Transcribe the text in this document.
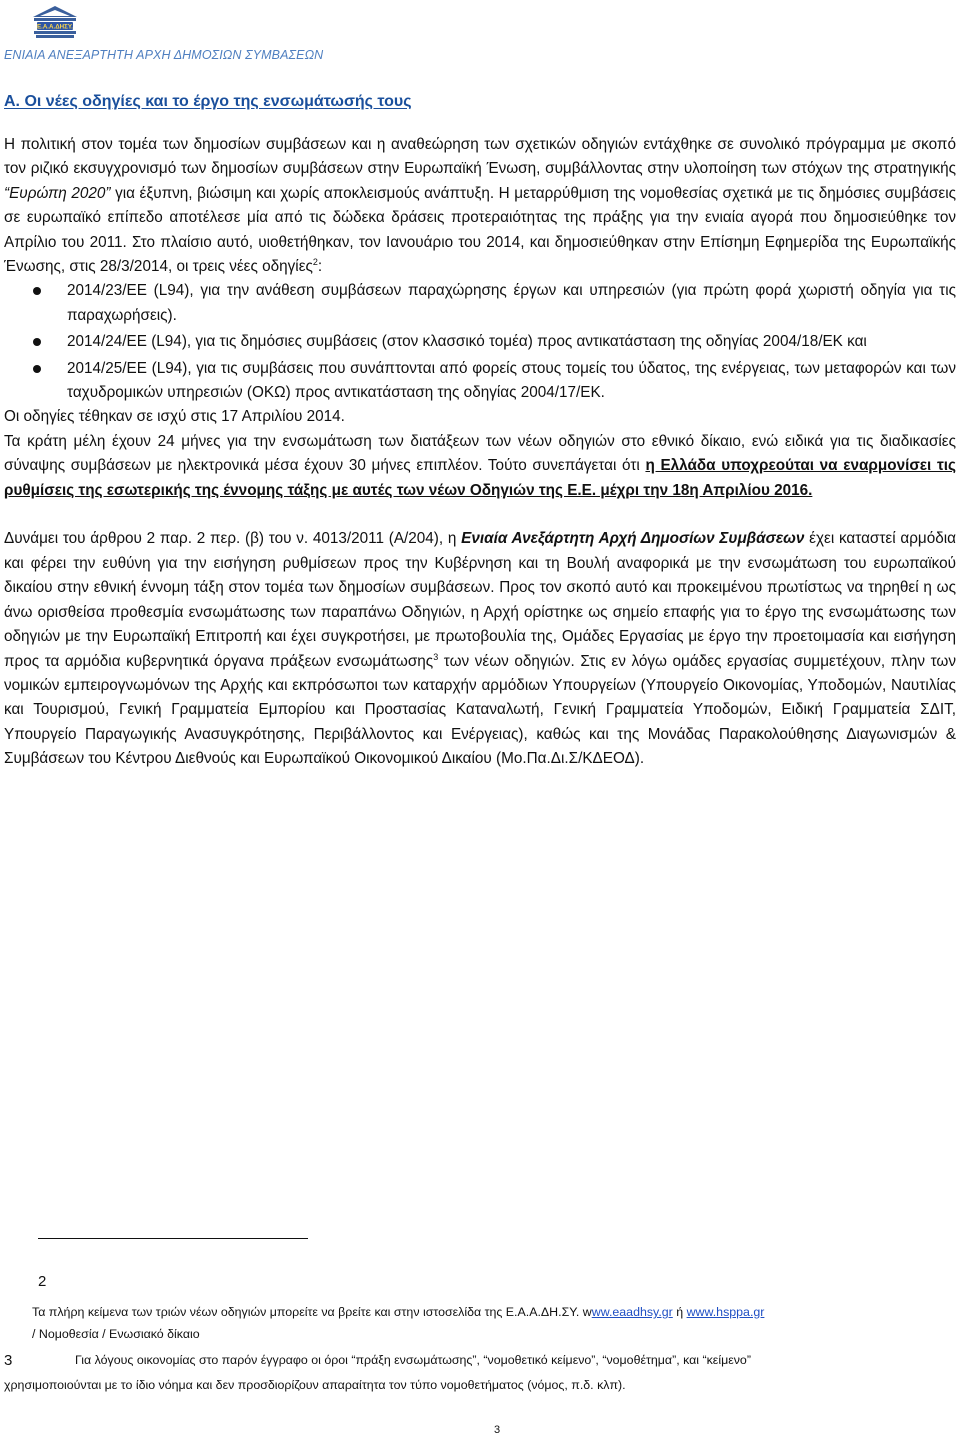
Ε.Α.Α.ΔΗΣΥ.
ΕΝΙΑΙΑ ΑΝΕΞΑΡΤΗΤΗ ΑΡΧΗ ΔΗΜΟΣΙΩΝ ΣΥΜΒΑΣΕΩΝ
Α. Οι νέες οδηγίες και το έργο της ενσωμάτωσής τους

Η πολιτική στον τομέα των δημοσίων συμβάσεων και η αναθεώρηση των σχετικών οδηγιών εντάχθηκε σε συνολικό πρόγραμμα με σκοπό τον ριζικό εκσυγχρονισμό των δημοσίων συμβάσεων στην Ευρωπαϊκή Ένωση, συμβάλλοντας στην υλοποίηση των στόχων της στρατηγικής “Ευρώπη 2020” για έξυπνη, βιώσιμη και χωρίς αποκλεισμούς ανάπτυξη. Η μεταρρύθμιση της νομοθεσίας σχετικά με τις δημόσιες συμβάσεις σε ευρωπαϊκό επίπεδο αποτέλεσε μία από τις δώδεκα δράσεις προτεραιότητας της πράξης για την ενιαία αγορά που δημοσιεύθηκε τον Απρίλιο του 2011. Στο πλαίσιο αυτό, υιοθετήθηκαν, τον Ιανουάριο του 2014, και δημοσιεύθηκαν στην Επίσημη Εφημερίδα της Ευρωπαϊκής Ένωσης, στις 28/3/2014, οι τρεις νέες οδηγίες$^2$:

2014/23/ΕΕ (L94), για την ανάθεση συμβάσεων παραχώρησης έργων και υπηρεσιών (για πρώτη φορά χωριστή οδηγία για τις παραχωρήσεις).
2014/24/ΕΕ (L94), για τις δημόσιες συμβάσεις (στον κλασσικό τομέα) προς αντικατάσταση της οδηγίας 2004/18/ΕΚ και
2014/25/ΕΕ (L94), για τις συμβάσεις που συνάπτονται από φορείς στους τομείς του ύδατος, της ενέργειας, των μεταφορών και των ταχυδρομικών υπηρεσιών (ΟΚΩ) προς αντικατάσταση της οδηγίας 2004/17/ΕΚ.

Οι οδηγίες τέθηκαν σε ισχύ στις 17 Απριλίου 2014.

Τα κράτη μέλη έχουν 24 μήνες για την ενσωμάτωση των διατάξεων των νέων οδηγιών στο εθνικό δίκαιο, ενώ ειδικά για τις διαδικασίες σύναψης συμβάσεων με ηλεκτρονικά μέσα έχουν 30 μήνες επιπλέον. Τούτο συνεπάγεται ότι η Ελλάδα υποχρεούται να εναρμονίσει τις ρυθμίσεις της εσωτερικής της έννομης τάξης με αυτές των νέων Οδηγιών της Ε.Ε. μέχρι την 18η Απριλίου 2016.

Δυνάμει του άρθρου 2 παρ. 2 περ. (β) του ν. 4013/2011 (Α/204), η Ενιαία Ανεξάρτητη Αρχή Δημοσίων Συμβάσεων έχει καταστεί αρμόδια και φέρει την ευθύνη για την εισήγηση ρυθμίσεων προς την Κυβέρνηση και τη Βουλή αναφορικά με την ενσωμάτωση του ευρωπαϊκού δικαίου στην εθνική έννομη τάξη στον τομέα των δημοσίων συμβάσεων. Προς τον σκοπό αυτό και προκειμένου πρωτίστως να τηρηθεί η ως άνω ορισθείσα προθεσμία ενσωμάτωσης των παραπάνω Οδηγιών, η Αρχή ορίστηκε ως σημείο επαφής για το έργο της ενσωμάτωσης των οδηγιών με την Ευρωπαϊκή Επιτροπή και έχει συγκροτήσει, με πρωτοβουλία της, Ομάδες Εργασίας με έργο την προετοιμασία και εισήγηση προς τα αρμόδια κυβερνητικά όργανα πράξεων ενσωμάτωσης$^3$ των νέων οδηγιών. Στις εν λόγω ομάδες εργασίας συμμετέχουν, πλην των νομικών εμπειρογνωμόνων της Αρχής και εκπρόσωποι των καταρχήν αρμόδιων Υπουργείων (Υπουργείο Οικονομίας, Υποδομών, Ναυτιλίας και Τουρισμού, Γενική Γραμματεία Εμπορίου και Προστασίας Καταναλωτή, Γενική Γραμματεία Υποδομών, Ειδική Γραμματεία ΣΔΙΤ, Υπουργείο Παραγωγικής Ανασυγκρότησης, Περιβάλλοντος και Ενέργειας), καθώς και της Μονάδας Παρακολούθησης Διαγωνισμών & Συμβάσεων του Κέντρου Διεθνούς και Ευρωπαϊκού Οικονομικού Δικαίου (Μο.Πα.Δι.Σ/ΚΔΕΟΔ).

2
Τα πλήρη κείμενα των τριών νέων οδηγιών μπορείτε να βρείτε και στην ιστοσελίδα της Ε.Α.Α.ΔΗ.ΣΥ. www.eaadhsy.gr ή www.hsppa.gr
/ Νομοθεσία / Ενωσιακό δίκαιο
3	Για λόγους οικονομίας στο παρόν έγγραφο οι όροι “πράξη ενσωμάτωσης”, “νομοθετικό κείμενο”, “νομοθέτημα”, και “κείμενο”
χρησιμοποιούνται με το ίδιο νόημα και δεν προσδιορίζουν απαραίτητα τον τύπο νομοθετήματος (νόμος, π.δ. κλπ).
3
